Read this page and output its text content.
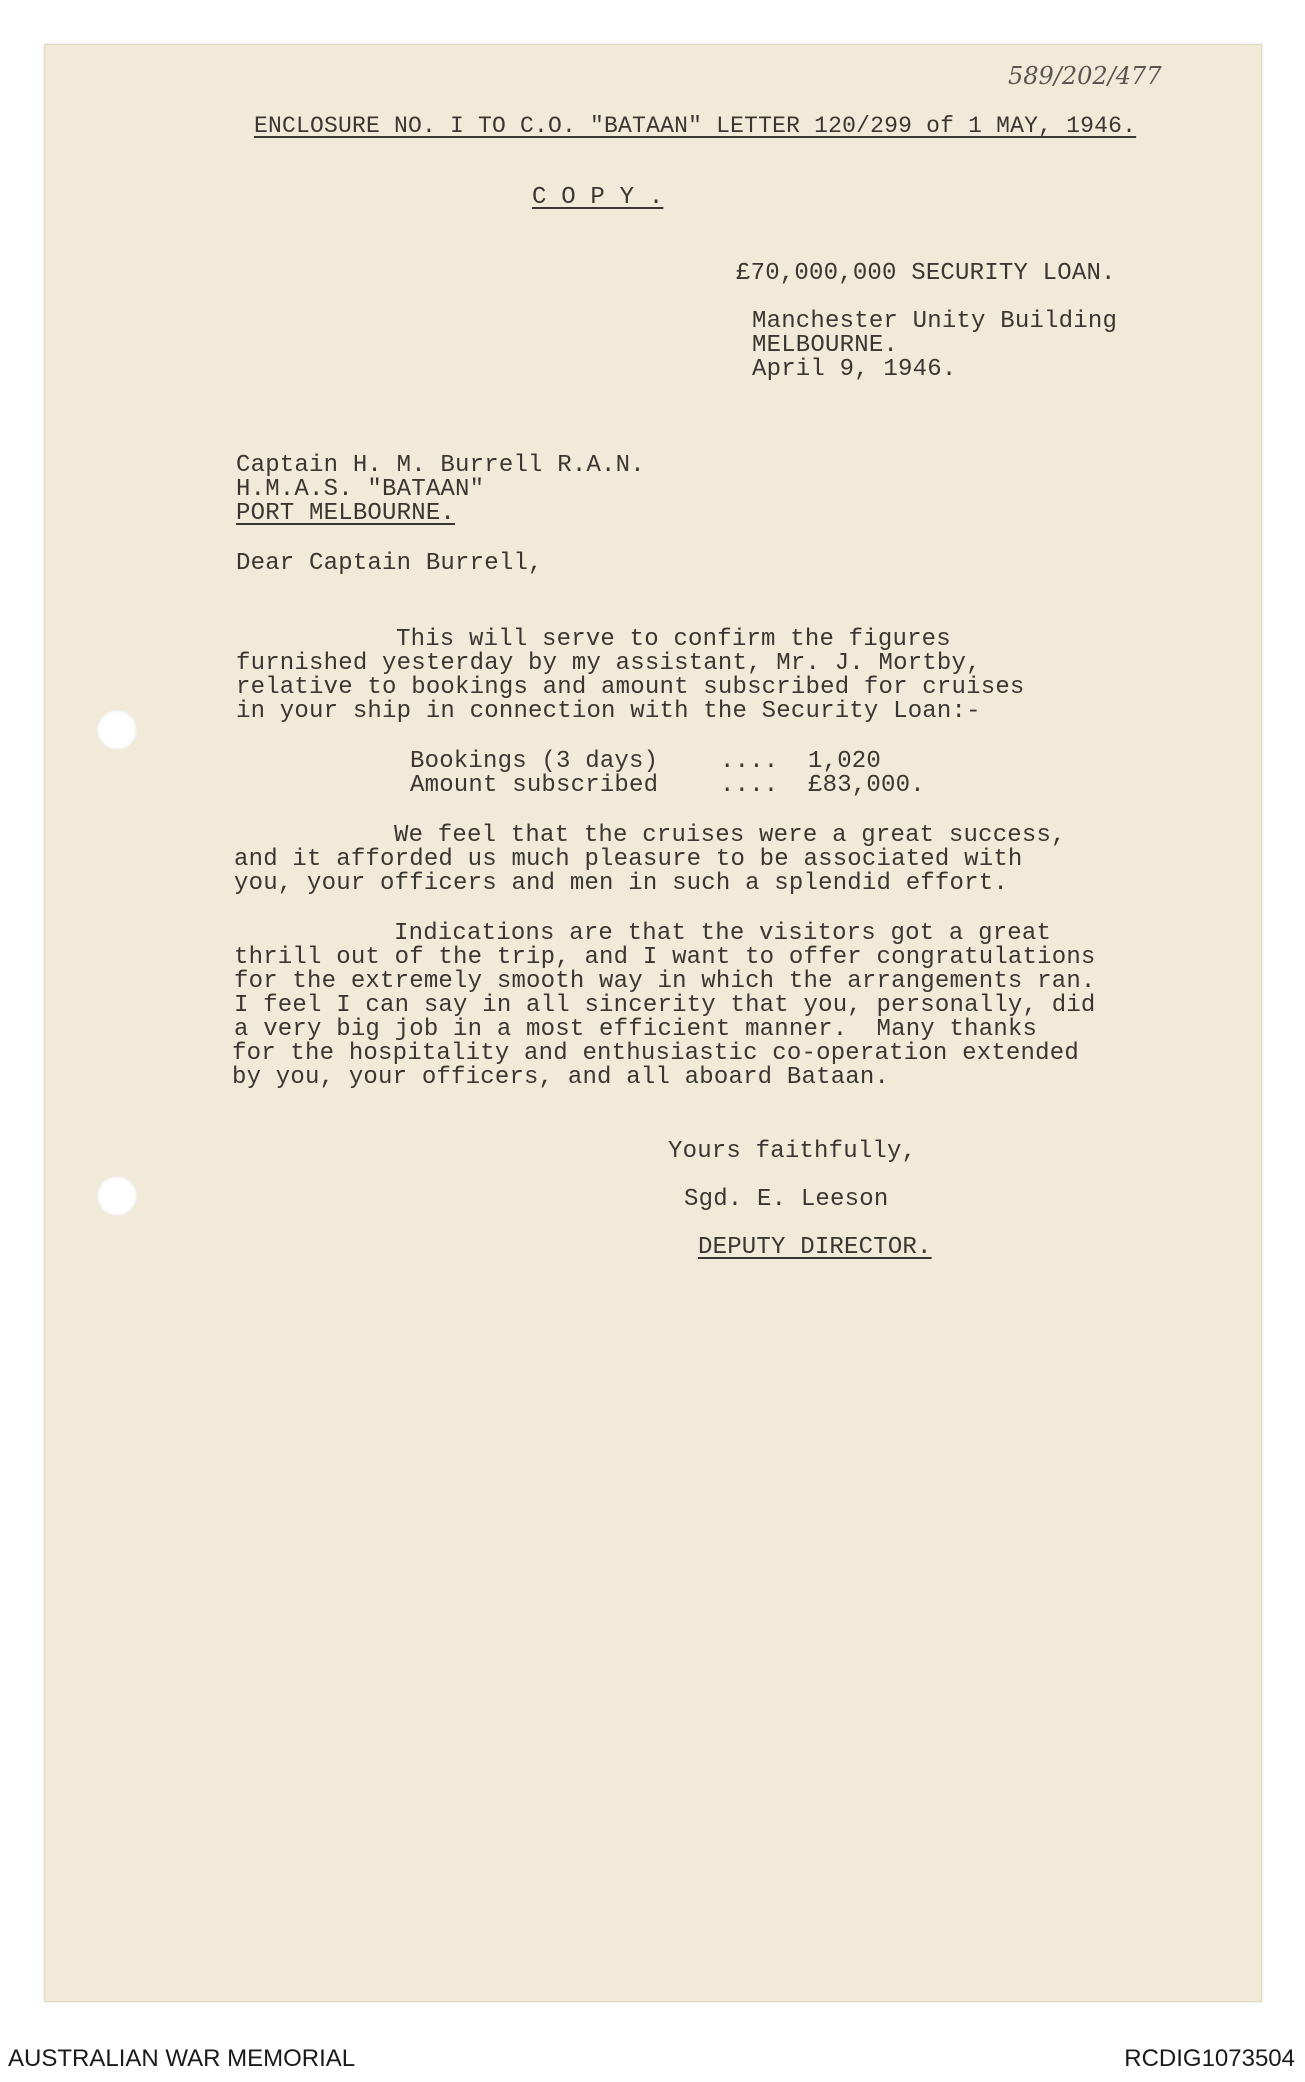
589/202/477
ENCLOSURE NO. I TO C.O. "BATAAN" LETTER 120/299 of 1 MAY, 1946.
C O P Y .
£70,000,000 SECURITY LOAN.
Manchester Unity Building
MELBOURNE.
April 9, 1946.
Captain H. M. Burrell R.A.N.
H.M.A.S. "BATAAN"
PORT MELBOURNE.
Dear Captain Burrell,
This will serve to confirm the figures
furnished yesterday by my assistant, Mr. J. Mortby,
relative to bookings and amount subscribed for cruises
in your ship in connection with the Security Loan:-
Bookings (3 days)	.... 1,020
Amount subscribed	.... £83,000.
We feel that the cruises were a great success,
and it afforded us much pleasure to be associated with
you, your officers and men in such a splendid effort.
Indications are that the visitors got a great
thrill out of the trip, and I want to offer congratulations
for the extremely smooth way in which the arrangements ran.
I feel I can say in all sincerity that you, personally, did
a very big job in a most efficient manner.  Many thanks
for the hospitality and enthusiastic co-operation extended
by you, your officers, and all aboard Bataan.
Yours faithfully,
Sgd. E. Leeson
DEPUTY DIRECTOR.
AUSTRALIAN WAR MEMORIAL	RCDIG1073504
